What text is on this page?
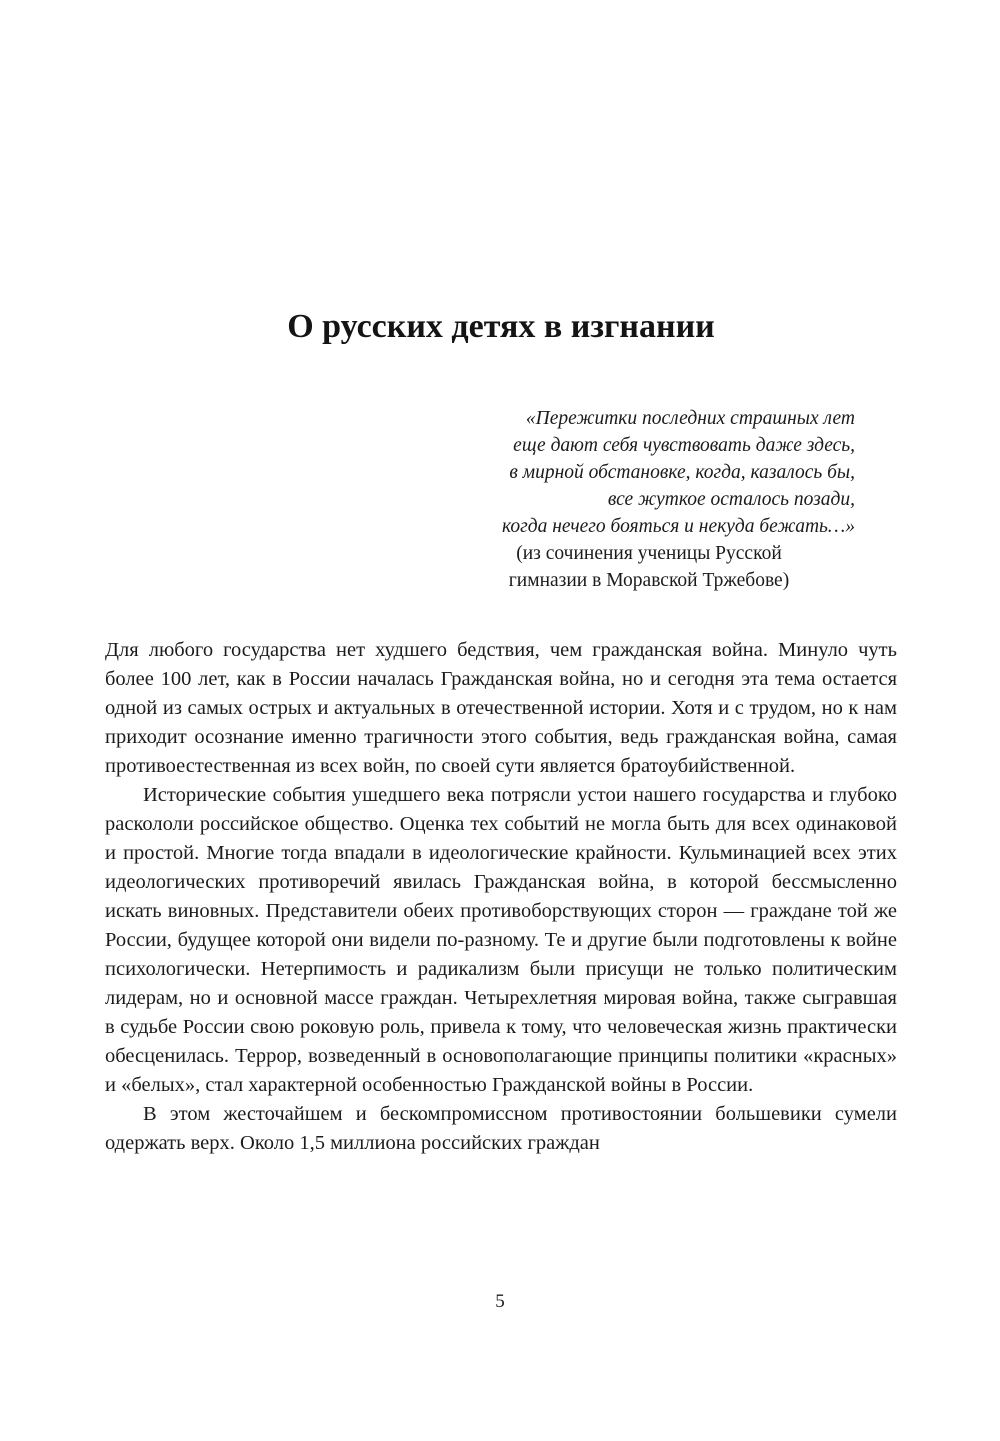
О русских детях в изгнании
«Пережитки последних страшных лет
еще дают себя чувствовать даже здесь,
в мирной обстановке, когда, казалось бы,
все жуткое осталось позади,
когда нечего бояться и некуда бежать…»
(из сочинения ученицы Русской
гимназии в Моравской Тржебове)

Для любого государства нет худшего бедствия, чем гражданская война. Минуло чуть более 100 лет, как в России началась Гражданская война, но и сегодня эта тема остается одной из самых острых и актуальных в отечественной истории. Хотя и с трудом, но к нам приходит осознание именно трагичности этого события, ведь гражданская война, самая противоестественная из всех войн, по своей сути является братоубийственной.

Исторические события ушедшего века потрясли устои нашего государства и глубоко раскололи российское общество. Оценка тех событий не могла быть для всех одинаковой и простой. Многие тогда впадали в идеологические крайности. Кульминацией всех этих идеологических противоречий явилась Гражданская война, в которой бессмысленно искать виновных. Представители обеих противоборствующих сторон — граждане той же России, будущее которой они видели по-разному. Те и другие были подготовлены к войне психологически. Нетерпимость и радикализм были присущи не только политическим лидерам, но и основной массе граждан. Четырехлетняя мировая война, также сыгравшая в судьбе России свою роковую роль, привела к тому, что человеческая жизнь практически обесценилась. Террор, возведенный в основополагающие принципы политики «красных» и «белых», стал характерной особенностью Гражданской войны в России.

В этом жесточайшем и бескомпромиссном противостоянии большевики сумели одержать верх. Около 1,5 миллиона российских граждан

5
